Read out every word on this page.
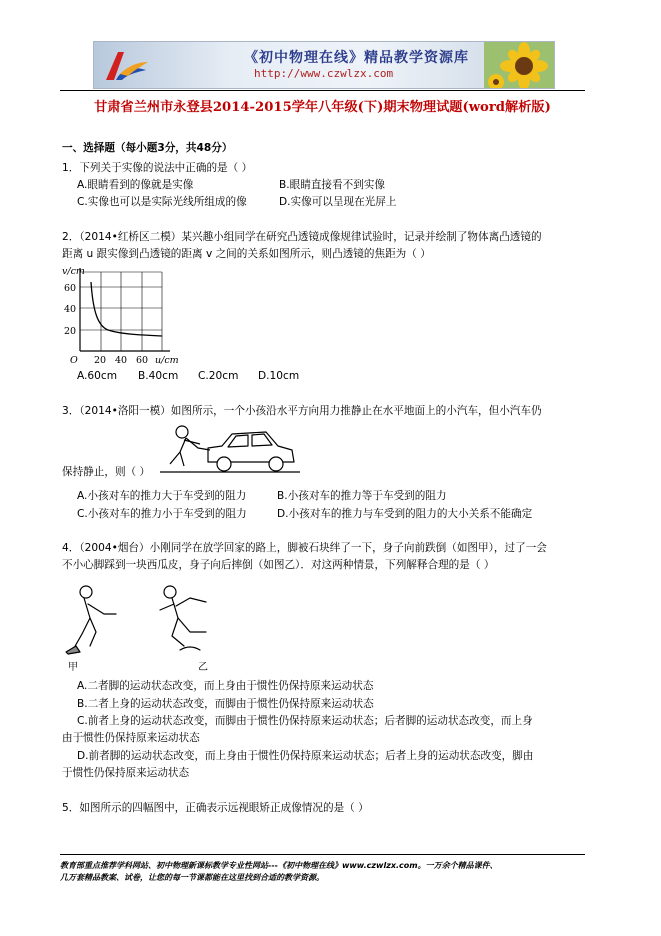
《初中物理在线》精品教学资源库
http://www.czwlzx.com
甘肃省兰州市永登县2014-2015学年八年级(下)期末物理试题(word解析版)
一、选择题（每小题3分，共48分）
1．下列关于实像的说法中正确的是（ ）
A.眼睛看到的像就是实像	B.眼睛直接看不到实像
C.实像也可以是实际光线所组成的像	D.实像可以呈现在光屏上
2．（2014•红桥区二模）某兴趣小组同学在研究凸透镜成像规律试验时，记录并绘制了物体离凸透镜的
距离 u 跟实像到凸透镜的距离 v 之间的关系如图所示，则凸透镜的焦距为（ ）
v/cm
60
40
20
O 20 40 60 u/cm
A.60cm B.40cm C.20cm D.10cm
3．（2014•洛阳一模）如图所示，一个小孩沿水平方向用力推静止在水平地面上的小汽车，但小汽车仍
保持静止，则（ ）
A.小孩对车的推力大于车受到的阻力	B.小孩对车的推力等于车受到的阻力
C.小孩对车的推力小于车受到的阻力	D.小孩对车的推力与车受到的阻力的大小关系不能确定
4．（2004•烟台）小刚同学在放学回家的路上，脚被石块绊了一下，身子向前跌倒（如图甲），过了一会
不小心脚踩到一块西瓜皮，身子向后摔倒（如图乙）．对这两种情景，下列解释合理的是（ ）
甲	乙
A.二者脚的运动状态改变，而上身由于惯性仍保持原来运动状态
B.二者上身的运动状态改变，而脚由于惯性仍保持原来运动状态
C.前者上身的运动状态改变，而脚由于惯性仍保持原来运动状态；后者脚的运动状态改变，而上身
由于惯性仍保持原来运动状态
D.前者脚的运动状态改变，而上身由于惯性仍保持原来运动状态；后者上身的运动状态改变，脚由
于惯性仍保持原来运动状态
5．如图所示的四幅图中，正确表示远视眼矫正成像情况的是（ ）
教育部重点推荐学科网站、初中物理新课标教学专业性网站---《初中物理在线》www.czwlzx.com。一万余个精品课件、
几万套精品教案、试卷，让您的每一节课都能在这里找到合适的教学资源。
